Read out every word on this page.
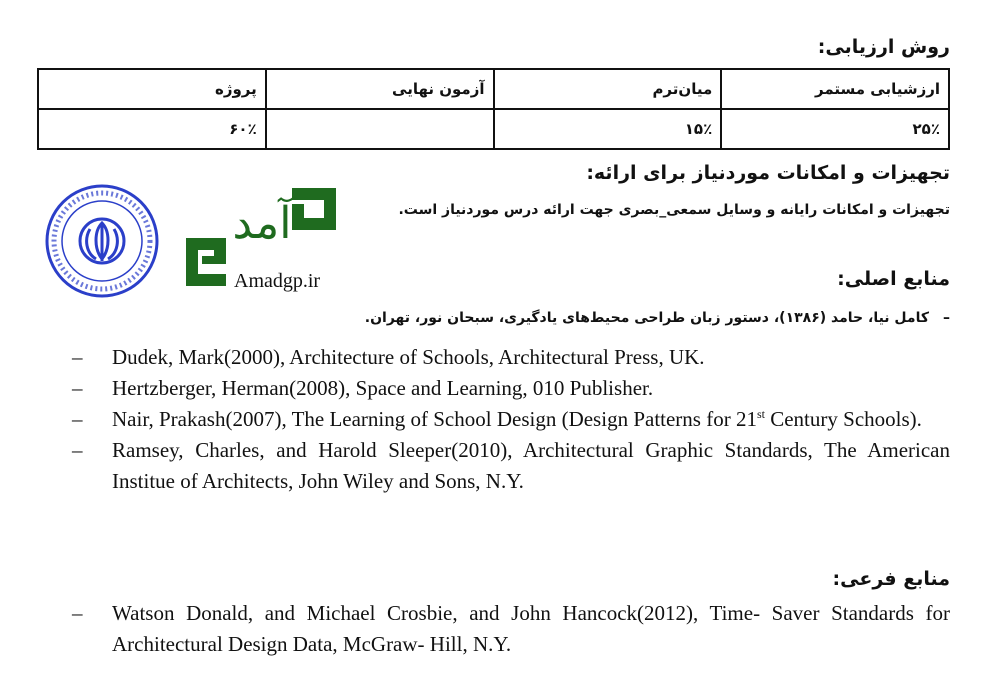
روش ارزیابی:
ارزشیابی مستمر	میان‌ترم	آزمون نهایی	پروژه
۲۵٪	۱۵٪		۶۰٪
تجهیزات و امکانات موردنیاز برای ارائه:
تجهیزات و امکانات رایانه و وسایل سمعی_بصری جهت ارائه درس موردنیاز است.
آمد
Amadgp.ir	منابع اصلی:
–کامل نیا، حامد (۱۳۸۶)، دستور زبان طراحی محیط‌های یادگیری، سبحان نور، تهران.
– Dudek, Mark(2000), Architecture of Schools, Architectural Press, UK.
– Hertzberger, Herman(2008), Space and Learning, 010 Publisher.
– Nair, Prakash(2007), The Learning of School Design (Design Patterns for 21st Century Schools).
– Ramsey, Charles, and Harold Sleeper(2010), Architectural Graphic Standards, The American Institue of Architects, John Wiley and Sons, N.Y.
منابع فرعی:
– Watson Donald, and Michael Crosbie, and John Hancock(2012), Time- Saver Standards for Architectural Design Data, McGraw- Hill, N.Y.
